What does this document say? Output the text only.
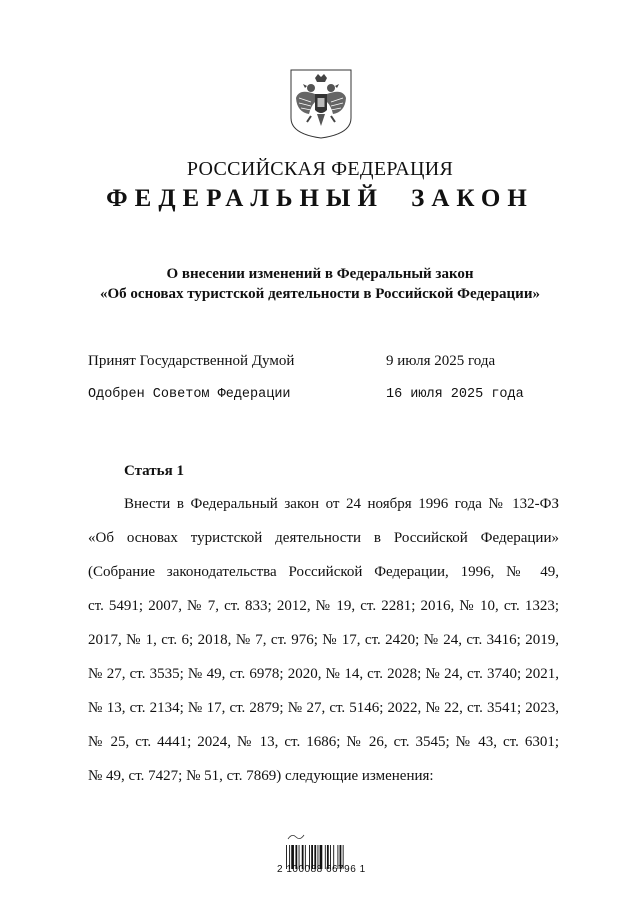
РОССИЙСКАЯ ФЕДЕРАЦИЯ
ФЕДЕРАЛЬНЫЙ ЗАКОН
О внесении изменений в Федеральный закон
«Об основах туристской деятельности в Российской Федерации»
Принят Государственной Думой	9 июля 2025 года
Одобрен Советом Федерации	16 июля 2025 года
Статья 1
Внести в Федеральный закон от 24 ноября 1996 года № 132-ФЗ
«Об основах туристской деятельности в Российской Федерации»
(Собрание законодательства Российской Федерации, 1996, № 49,
ст. 5491; 2007, № 7, ст. 833; 2012, № 19, ст. 2281; 2016, № 10, ст. 1323;
2017, № 1, ст. 6; 2018, № 7, ст. 976; № 17, ст. 2420; № 24, ст. 3416; 2019,
№ 27, ст. 3535; № 49, ст. 6978; 2020, № 14, ст. 2028; № 24, ст. 3740; 2021,
№ 13, ст. 2134; № 17, ст. 2879; № 27, ст. 5146; 2022, № 22, ст. 3541; 2023,
№ 25, ст. 4441; 2024, № 13, ст. 1686; № 26, ст. 3545; № 43, ст. 6301;
№ 49, ст. 7427; № 51, ст. 7869) следующие изменения:
2 100088 66796 1
